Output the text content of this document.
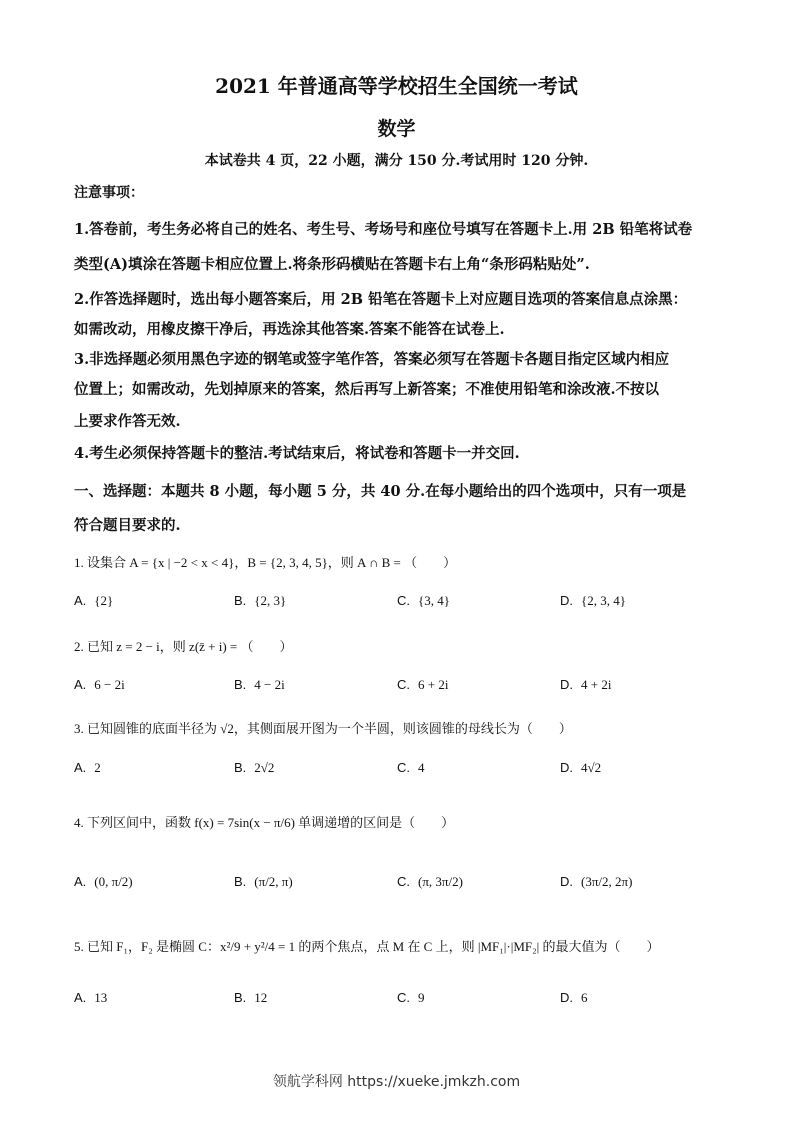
2021 年普通高等学校招生全国统一考试
数学
本试卷共 4 页，22 小题，满分 150 分.考试用时 120 分钟.
注意事项：
1.答卷前，考生务必将自己的姓名、考生号、考场号和座位号填写在答题卡上.用 2B 铅笔将试卷
类型(A)填涂在答题卡相应位置上.将条形码横贴在答题卡右上角“条形码粘贴处”.
2.作答选择题时，选出每小题答案后，用 2B 铅笔在答题卡上对应题目选项的答案信息点涂黑：
如需改动，用橡皮擦干净后，再选涂其他答案.答案不能答在试卷上.
3.非选择题必须用黑色字迹的钢笔或签字笔作答，答案必须写在答题卡各题目指定区域内相应
位置上；如需改动，先划掉原来的答案，然后再写上新答案；不准使用铅笔和涂改液.不按以
上要求作答无效.
4.考生必须保持答题卡的整洁.考试结束后，将试卷和答题卡一并交回.
一、选择题：本题共 8 小题，每小题 5 分，共 40 分.在每小题给出的四个选项中，只有一项是
符合题目要求的.
1. 设集合 A = {x | −2 < x < 4}，B = {2, 3, 4, 5}，则 A ∩ B = （　　）
A. {2}	B. {2, 3}	C. {3, 4}	D. {2, 3, 4}
2. 已知 z = 2 − i，则 z(z̄ + i) = （　　）
A. 6 − 2i	B. 4 − 2i	C. 6 + 2i	D. 4 + 2i
3. 已知圆锥的底面半径为 √2，其侧面展开图为一个半圆，则该圆锥的母线长为（　　）
A. 2	B. 2√2	C. 4	D. 4√2
4. 下列区间中，函数 f(x) = 7sin(x − π/6) 单调递增的区间是（　　）
A. (0, π/2)	B. (π/2, π)	C. (π, 3π/2)	D. (3π/2, 2π)
5. 已知 F₁，F₂ 是椭圆 C：x²/9 + y²/4 = 1 的两个焦点，点 M 在 C 上，则 |MF₁|·|MF₂| 的最大值为（　　）
A. 13	B. 12	C. 9	D. 6
领航学科网 https://xueke.jmkzh.com
